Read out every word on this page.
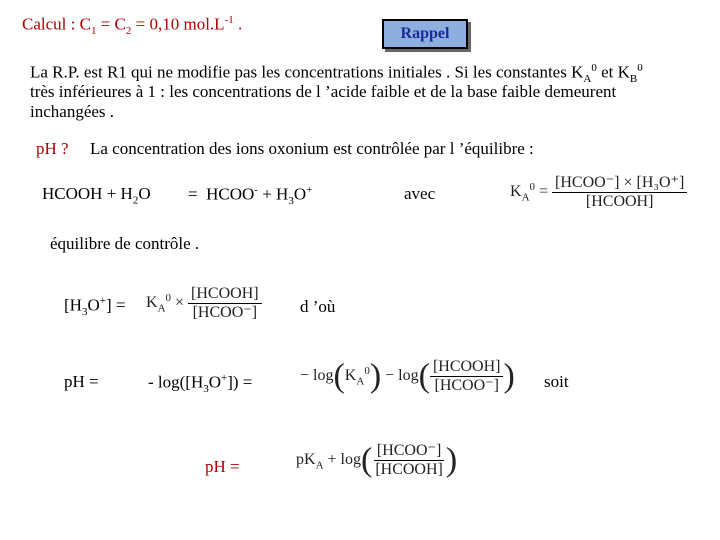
Calcul : $C_1 = C_2 = 0,10$ $mol.L^{-1}$ .	Rappel
La R.P. est R1 qui ne modifie pas les concentrations initiales . Si les constantes $K_A^0$ et $K_B^0$
très inférieures à 1 : les concentrations de l ’acide faible et de la base faible demeurent
inchangées .
pH ? La concentration des ions oxonium est contrôlée par l ’équilibre :
HCOOH + $H_2O$ = HCOO- + $H_3O^+$	avec	$K_A^0 = \frac{\text{[HCOO⁻] × [H₃O⁺]}}{\text{[HCOOH]}}$
équilibre de contrôle .
$[H_3O^+] = K_A^0 \times \frac{\text{[HCOOH]}}{\text{[HCOO⁻]}}$ d ’où
pH =	- $\log([H_3O^+])$ =	− $\log(K_A^0) - \log( \frac{\text{[HCOOH]}}{\text{[HCOO⁻]}}$ ) soit
pH =	$pK_A + \log( \frac{\text{[HCOO⁻]}}{\text{[HCOOH]}}$ )
